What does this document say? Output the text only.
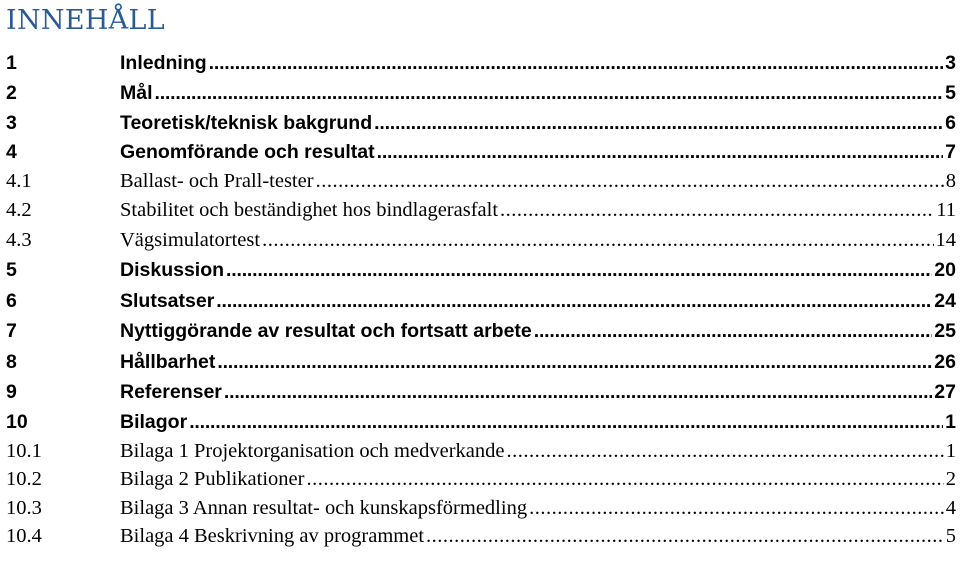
INNEHÅLL
1	Inledning .....	3
2	Mål .....	5
3	Teoretisk/teknisk bakgrund .....	6
4	Genomförande och resultat .....	7
4.1	Ballast- och Prall-tester .....	8
4.2	Stabilitet och beständighet hos bindlagerasfalt .....	11
4.3	Vägsimulatortest .....	14
5	Diskussion .....	20
6	Slutsatser .....	24
7	Nyttiggörande av resultat och fortsatt arbete .....	25
8	Hållbarhet .....	26
9	Referenser .....	27
10	Bilagor .....	1
10.1	Bilaga 1 Projektorganisation och medverkande .....	1
10.2	Bilaga 2 Publikationer .....	2
10.3	Bilaga 3 Annan resultat- och kunskapsförmedling .....	4
10.4	Bilaga 4 Beskrivning av programmet .....	5
